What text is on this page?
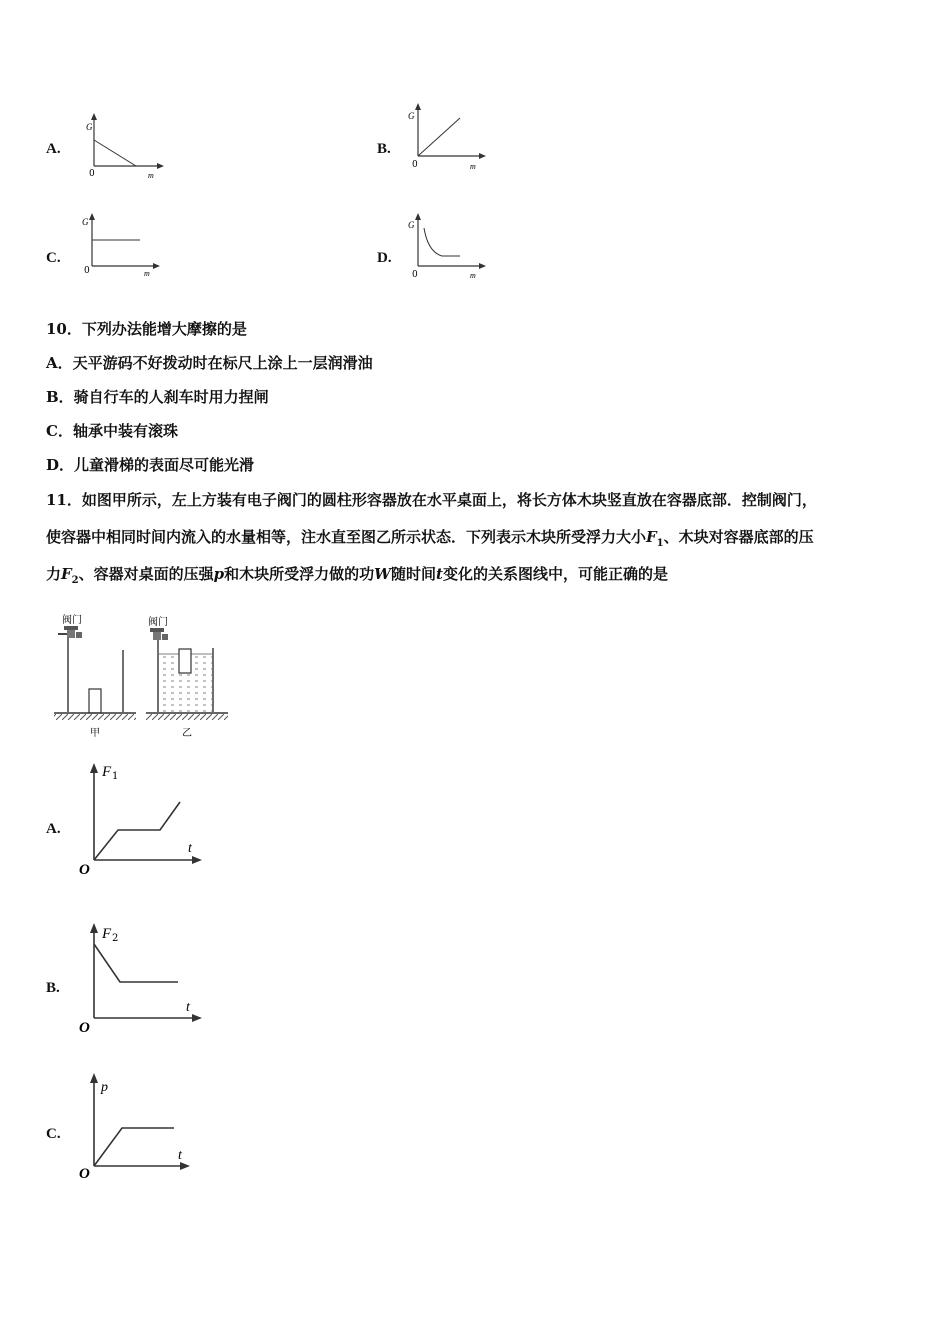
A.
G
0	m
B.
G
0	m
C.
G
0	m
D.
G
0	m
10．下列办法能增大摩擦的是
A．天平游码不好拨动时在标尺上涂上一层润滑油
B．骑自行车的人刹车时用力捏闸
C．轴承中装有滚珠
D．儿童滑梯的表面尽可能光滑
11．如图甲所示，左上方装有电子阀门的圆柱形容器放在水平桌面上，将长方体木块竖直放在容器底部．控制阀门，
使容器中相同时间内流入的水量相等，注水直至图乙所示状态．下列表示木块所受浮力大小$F_1$、木块对容器底部的压
力$F_2$、容器对桌面的压强p和木块所受浮力做的功W随时间t变化的关系图线中，可能正确的是
阀门
甲
阀门
乙
A.
F 1
t
O
B.
F 2
t
O
C.
p
t
O
